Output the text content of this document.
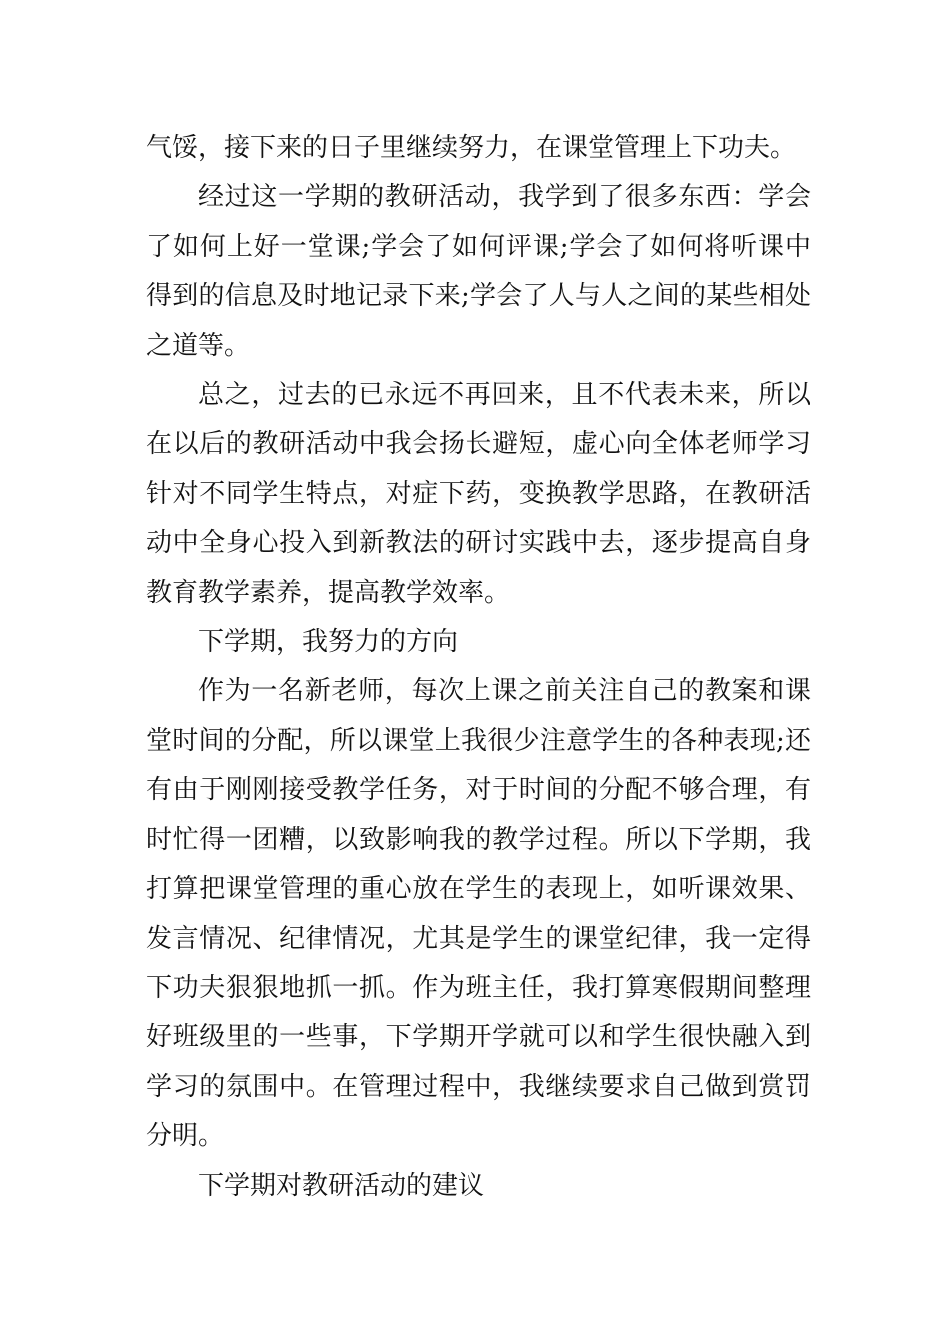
气馁，接下来的日子里继续努力，在课堂管理上下功夫。

经过这一学期的教研活动，我学到了很多东西：学会了如何上好一堂课;学会了如何评课;学会了如何将听课中得到的信息及时地记录下来;学会了人与人之间的某些相处之道等。

总之，过去的已永远不再回来，且不代表未来，所以在以后的教研活动中我会扬长避短，虚心向全体老师学习针对不同学生特点，对症下药，变换教学思路，在教研活动中全身心投入到新教法的研讨实践中去，逐步提高自身教育教学素养，提高教学效率。

下学期，我努力的方向

作为一名新老师，每次上课之前关注自己的教案和课堂时间的分配，所以课堂上我很少注意学生的各种表现;还有由于刚刚接受教学任务，对于时间的分配不够合理，有时忙得一团糟，以致影响我的教学过程。所以下学期，我打算把课堂管理的重心放在学生的表现上，如听课效果、发言情况、纪律情况，尤其是学生的课堂纪律，我一定得下功夫狠狠地抓一抓。作为班主任，我打算寒假期间整理好班级里的一些事，下学期开学就可以和学生很快融入到学习的氛围中。在管理过程中，我继续要求自己做到赏罚分明。

下学期对教研活动的建议
